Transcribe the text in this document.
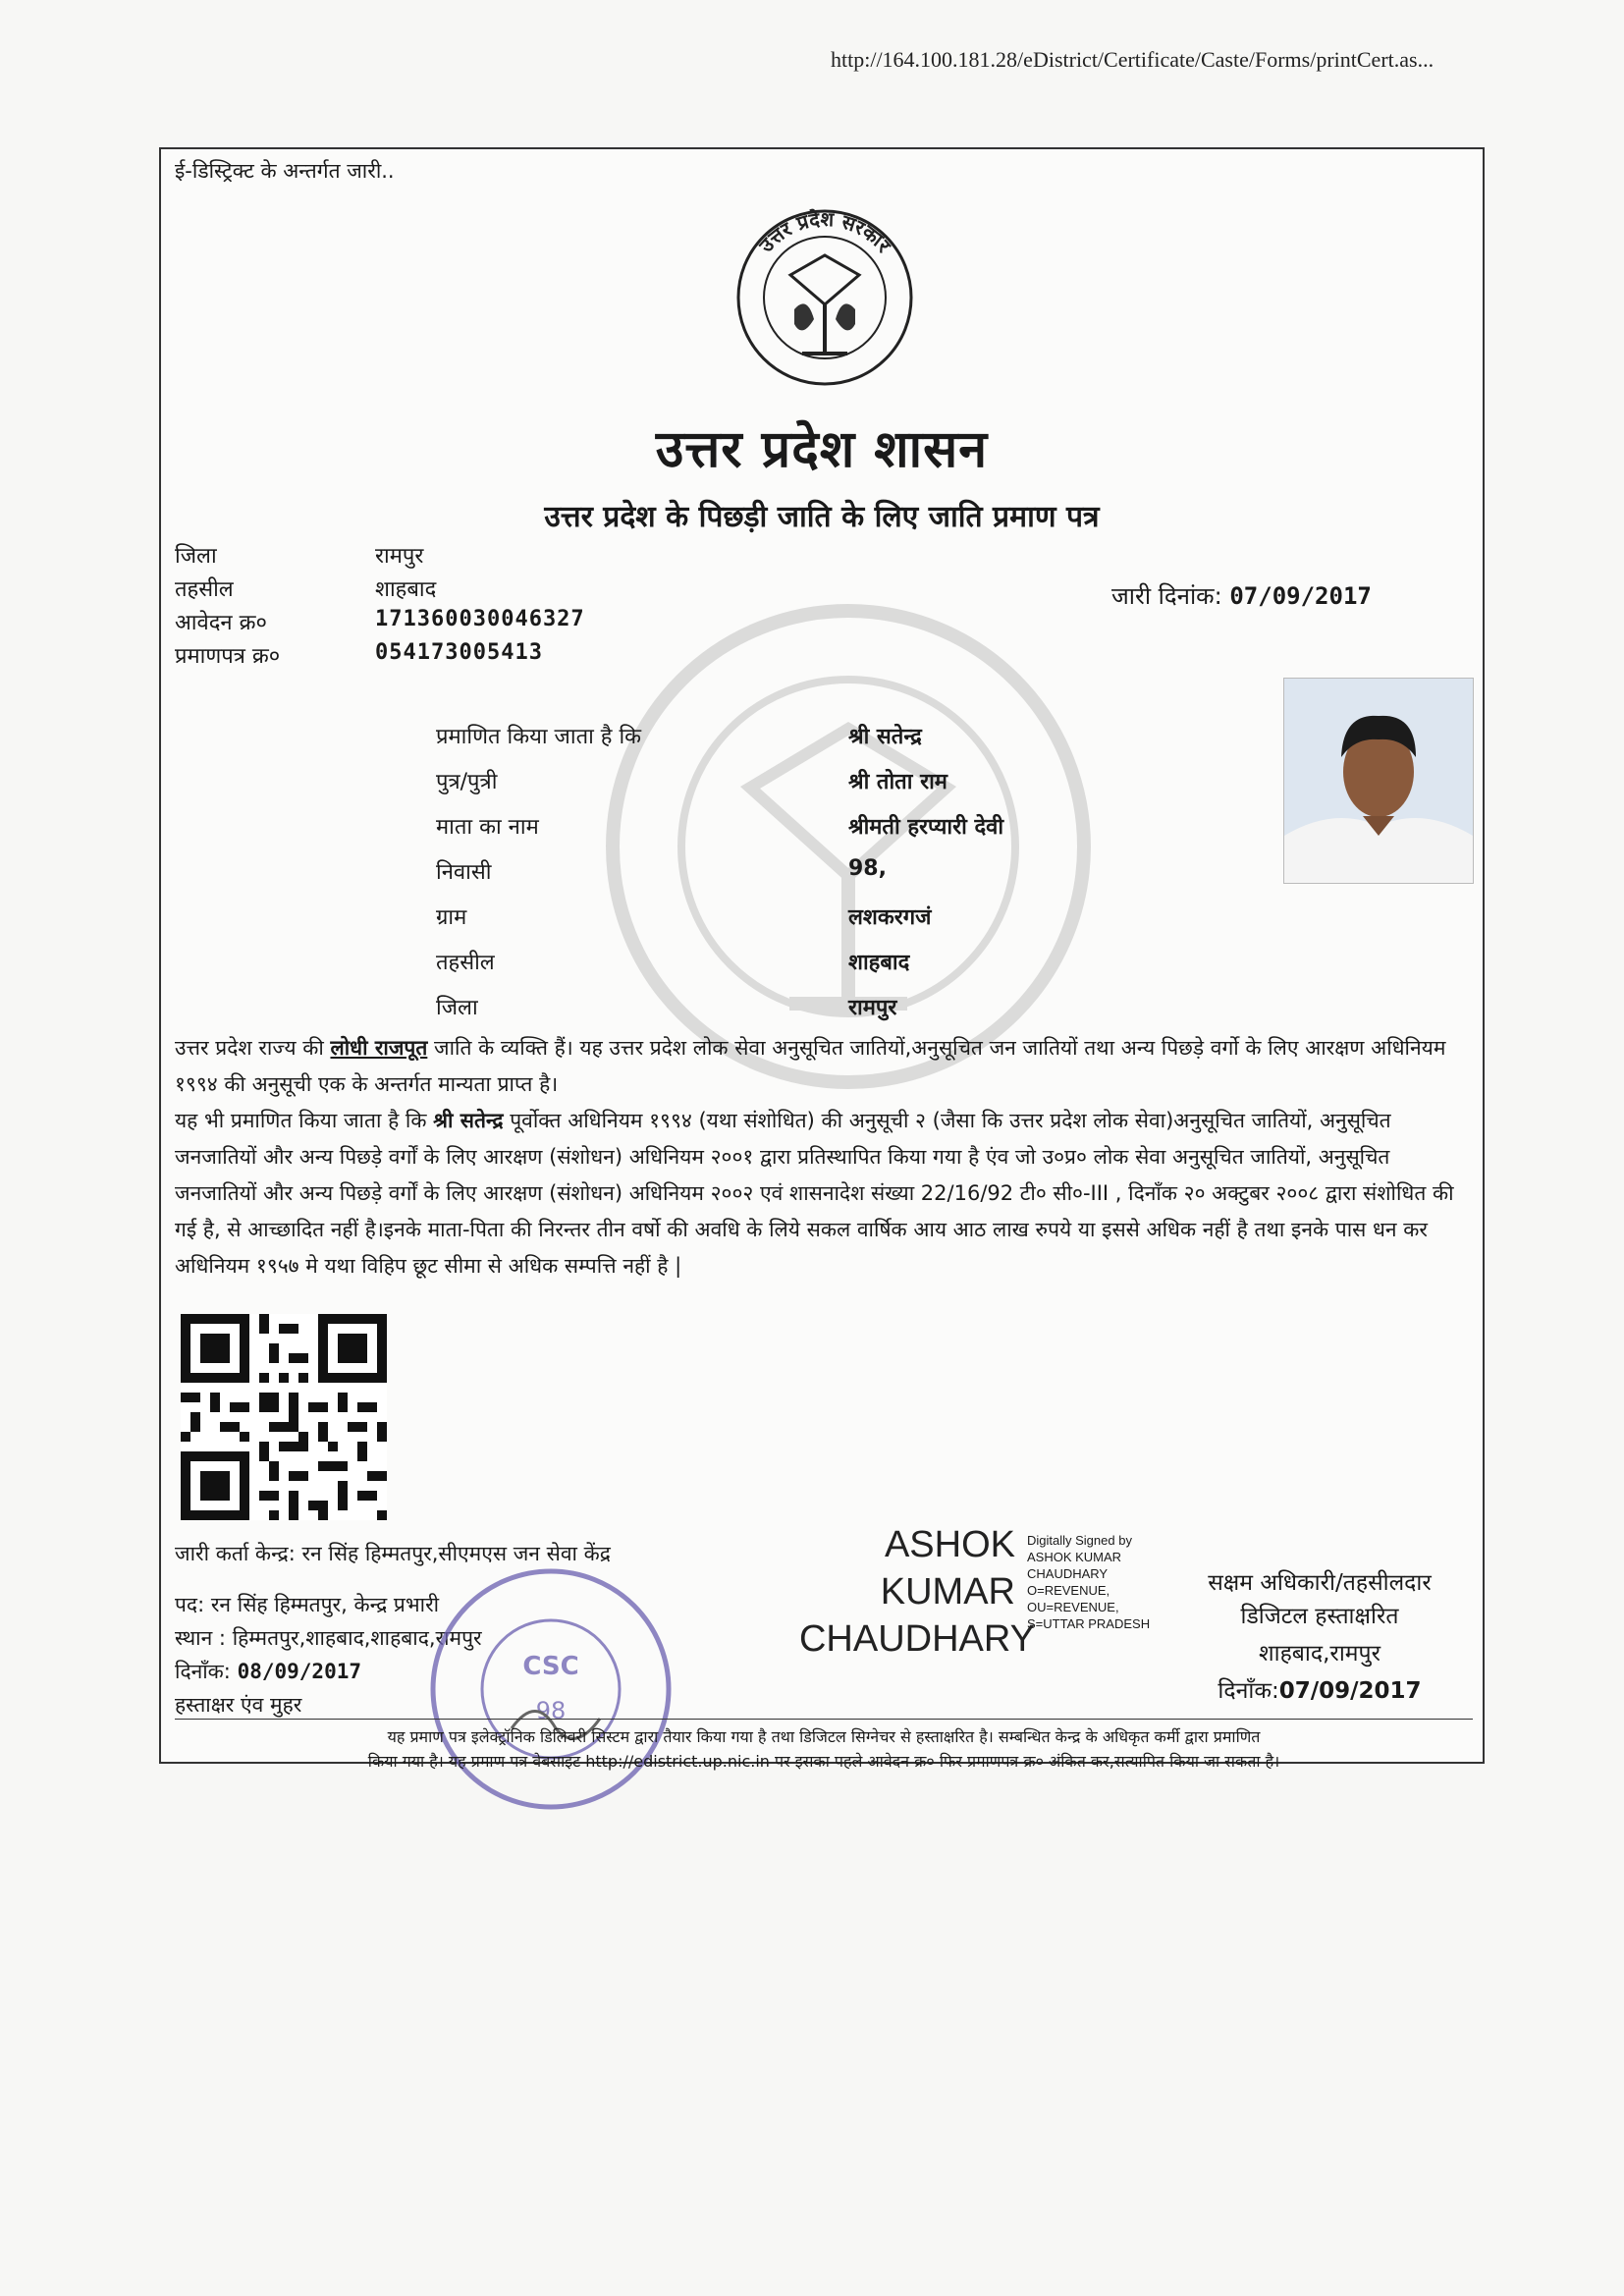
http://164.100.181.28/eDistrict/Certificate/Caste/Forms/printCert.as...
ई-डिस्ट्रिक्ट के अन्तर्गत जारी..
उत्तर प्रदेश सरकार
उत्तर प्रदेश शासन
उत्तर प्रदेश के पिछड़ी जाति के लिए जाति प्रमाण पत्र
जिला	रामपुर
तहसील	शाहबाद
आवेदन क्र०	171360030046327
प्रमाणपत्र क्र०	054173005413
जारी दिनांक: 07/09/2017
प्रमाणित किया जाता है कि	श्री सतेन्द्र
पुत्र/पुत्री	श्री तोता राम
माता का नाम	श्रीमती हरप्यारी देवी
निवासी	98,
ग्राम	लशकरगजं
तहसील	शाहबाद
जिला	रामपुर
उत्तर प्रदेश राज्य की लोधी राजपूत जाति के व्यक्ति हैं। यह उत्तर प्रदेश लोक सेवा अनुसूचित जातियों,अनुसूचित जन जातियों तथा अन्य पिछड़े वर्गो के लिए आरक्षण अधिनियम १९९४ की अनुसूची एक के अन्तर्गत मान्यता प्राप्त है।
यह भी प्रमाणित किया जाता है कि श्री सतेन्द्र पूर्वोक्त अधिनियम १९९४ (यथा संशोधित) की अनुसूची २ (जैसा कि उत्तर प्रदेश लोक सेवा)अनुसूचित जातियों, अनुसूचित जनजातियों और अन्य पिछड़े वर्गों के लिए आरक्षण (संशोधन) अधिनियम २००१ द्वारा प्रतिस्थापित किया गया है एंव जो उ०प्र० लोक सेवा अनुसूचित जातियों, अनुसूचित जनजातियों और अन्य पिछड़े वर्गों के लिए आरक्षण (संशोधन) अधिनियम २००२ एवं शासनादेश संख्या 22/16/92 टी० सी०-III , दिनाँक २० अक्टुबर २००८ द्वारा संशोधित की गई है, से आच्छादित नहीं है।इनके माता-पिता की निरन्तर तीन वर्षो की अवधि के लिये सकल वार्षिक आय आठ लाख रुपये या इससे अधिक नहीं है तथा इनके पास धन कर अधिनियम १९५७ मे यथा विहिप छूट सीमा से अधिक सम्पत्ति नहीं है |
जारी कर्ता केन्द्र: रन सिंह हिम्मतपुर,सीएमएस जन सेवा केंद्र
पद: रन सिंह हिम्मतपुर, केन्द्र प्रभारी
स्थान : हिम्मतपुर,शाहबाद,शाहबाद,रामपुर
दिनाँक: 08/09/2017
हस्ताक्षर एंव मुहर
CSC
98
ASHOK
KUMAR
CHAUDHARY
Digitally Signed by ASHOK KUMAR CHAUDHARY O=REVENUE, OU=REVENUE, S=UTTAR PRADESH
सक्षम अधिकारी/तहसीलदार
डिजिटल हस्ताक्षरित
शाहबाद,रामपुर
दिनाँक:07/09/2017
यह प्रमाण पत्र इलेक्ट्रॉनिक डिलिवरी सिस्टम द्वारा तैयार किया गया है तथा डिजिटल सिग्नेचर से हस्ताक्षरित है। सम्बन्धित केन्द्र के अधिकृत कर्मी द्वारा प्रमाणित
किया गया है। यह प्रमाण पत्र वेबसाइट http://edistrict.up.nic.in पर इसका पहले आवेदन क्र० फिर प्रमाणपत्र क्र० अंकित कर,सत्यापित किया जा सकता है।
